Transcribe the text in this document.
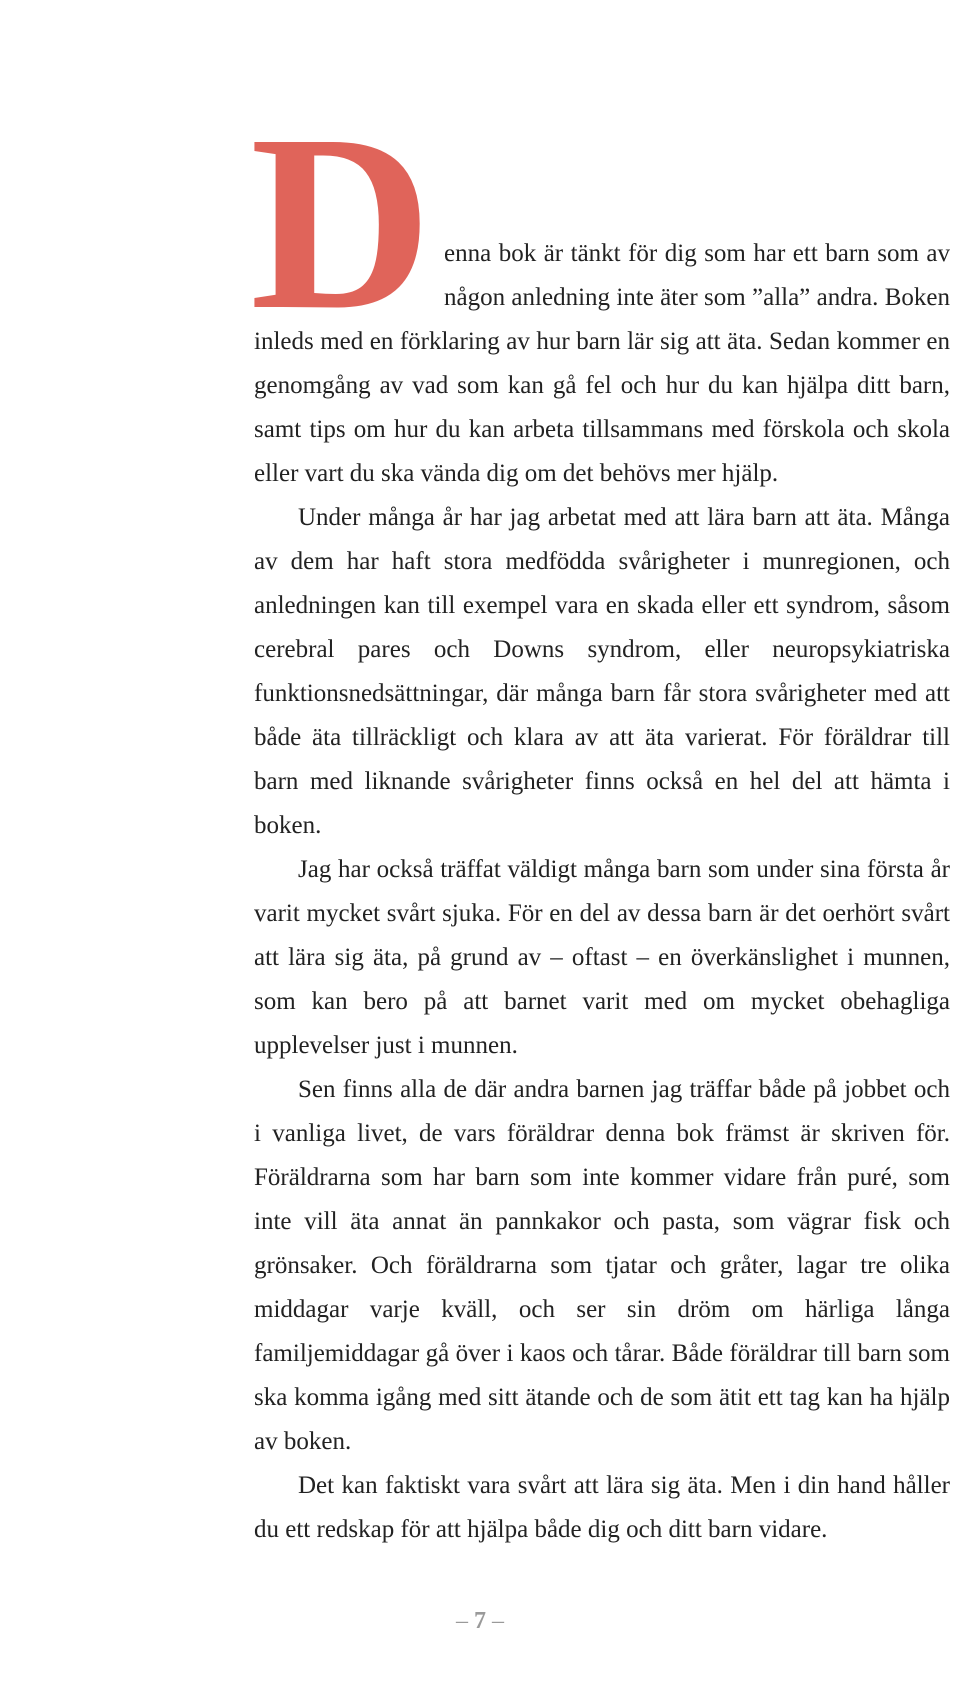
D enna bok är tänkt för dig som har ett barn som av någon anledning inte äter som ”alla” andra. Boken inleds med en förklaring av hur barn lär sig att äta. Sedan kommer en genomgång av vad som kan gå fel och hur du kan hjälpa ditt barn, samt tips om hur du kan arbeta tillsammans med förskola och skola eller vart du ska vända dig om det behövs mer hjälp.

Under många år har jag arbetat med att lära barn att äta. Många av dem har haft stora medfödda svårigheter i munregionen, och anledningen kan till exempel vara en skada eller ett syndrom, såsom cerebral pares och Downs syndrom, eller neuropsykiatriska funktionsnedsättningar, där många barn får stora svårigheter med att både äta tillräckligt och klara av att äta varierat. För föräldrar till barn med liknande svårigheter finns också en hel del att hämta i boken.

Jag har också träffat väldigt många barn som under sina första år varit mycket svårt sjuka. För en del av dessa barn är det oerhört svårt att lära sig äta, på grund av – oftast – en överkänslighet i munnen, som kan bero på att barnet varit med om mycket obehagliga upplevelser just i munnen.

Sen finns alla de där andra barnen jag träffar både på jobbet och i vanliga livet, de vars föräldrar denna bok främst är skriven för. Föräldrarna som har barn som inte kommer vidare från puré, som inte vill äta annat än pannkakor och pasta, som vägrar fisk och grönsaker. Och föräldrarna som tjatar och gråter, lagar tre olika middagar varje kväll, och ser sin dröm om härliga långa familjemiddagar gå över i kaos och tårar. Både föräldrar till barn som ska komma igång med sitt ätande och de som ätit ett tag kan ha hjälp av boken.

Det kan faktiskt vara svårt att lära sig äta. Men i din hand håller du ett redskap för att hjälpa både dig och ditt barn vidare.

– 7 –
